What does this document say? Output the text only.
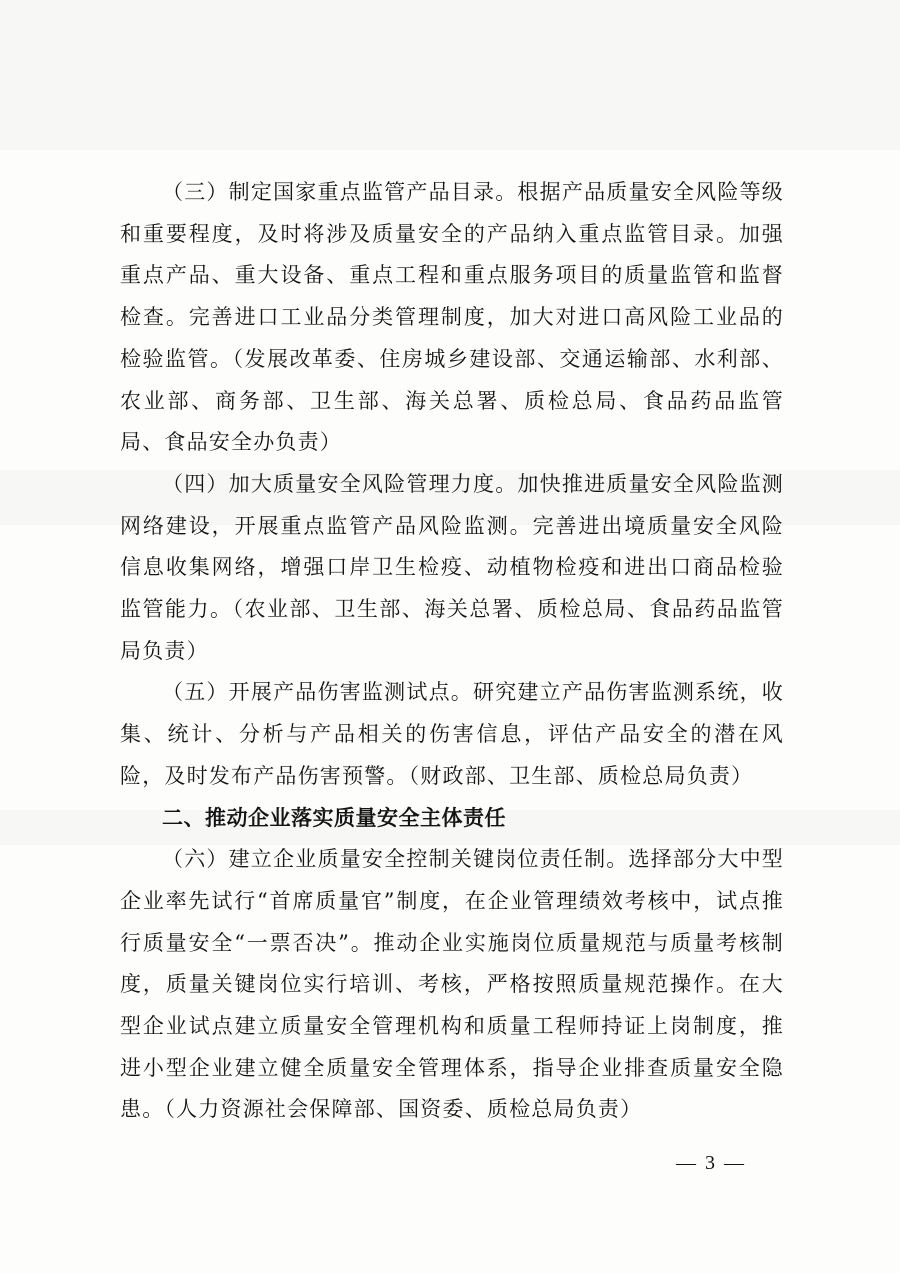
（三）制定国家重点监管产品目录。根据产品质量安全风险等级和重要程度，及时将涉及质量安全的产品纳入重点监管目录。加强重点产品、重大设备、重点工程和重点服务项目的质量监管和监督检查。完善进口工业品分类管理制度，加大对进口高风险工业品的检验监管。（发展改革委、住房城乡建设部、交通运输部、水利部、农业部、商务部、卫生部、海关总署、质检总局、食品药品监管局、食品安全办负责）

（四）加大质量安全风险管理力度。加快推进质量安全风险监测网络建设，开展重点监管产品风险监测。完善进出境质量安全风险信息收集网络，增强口岸卫生检疫、动植物检疫和进出口商品检验监管能力。（农业部、卫生部、海关总署、质检总局、食品药品监管局负责）

（五）开展产品伤害监测试点。研究建立产品伤害监测系统，收集、统计、分析与产品相关的伤害信息，评估产品安全的潜在风险，及时发布产品伤害预警。（财政部、卫生部、质检总局负责）

二、推动企业落实质量安全主体责任

（六）建立企业质量安全控制关键岗位责任制。选择部分大中型企业率先试行“首席质量官”制度，在企业管理绩效考核中，试点推行质量安全“一票否决”。推动企业实施岗位质量规范与质量考核制度，质量关键岗位实行培训、考核，严格按照质量规范操作。在大型企业试点建立质量安全管理机构和质量工程师持证上岗制度，推进小型企业建立健全质量安全管理体系，指导企业排查质量安全隐患。（人力资源社会保障部、国资委、质检总局负责）

— 3 —
